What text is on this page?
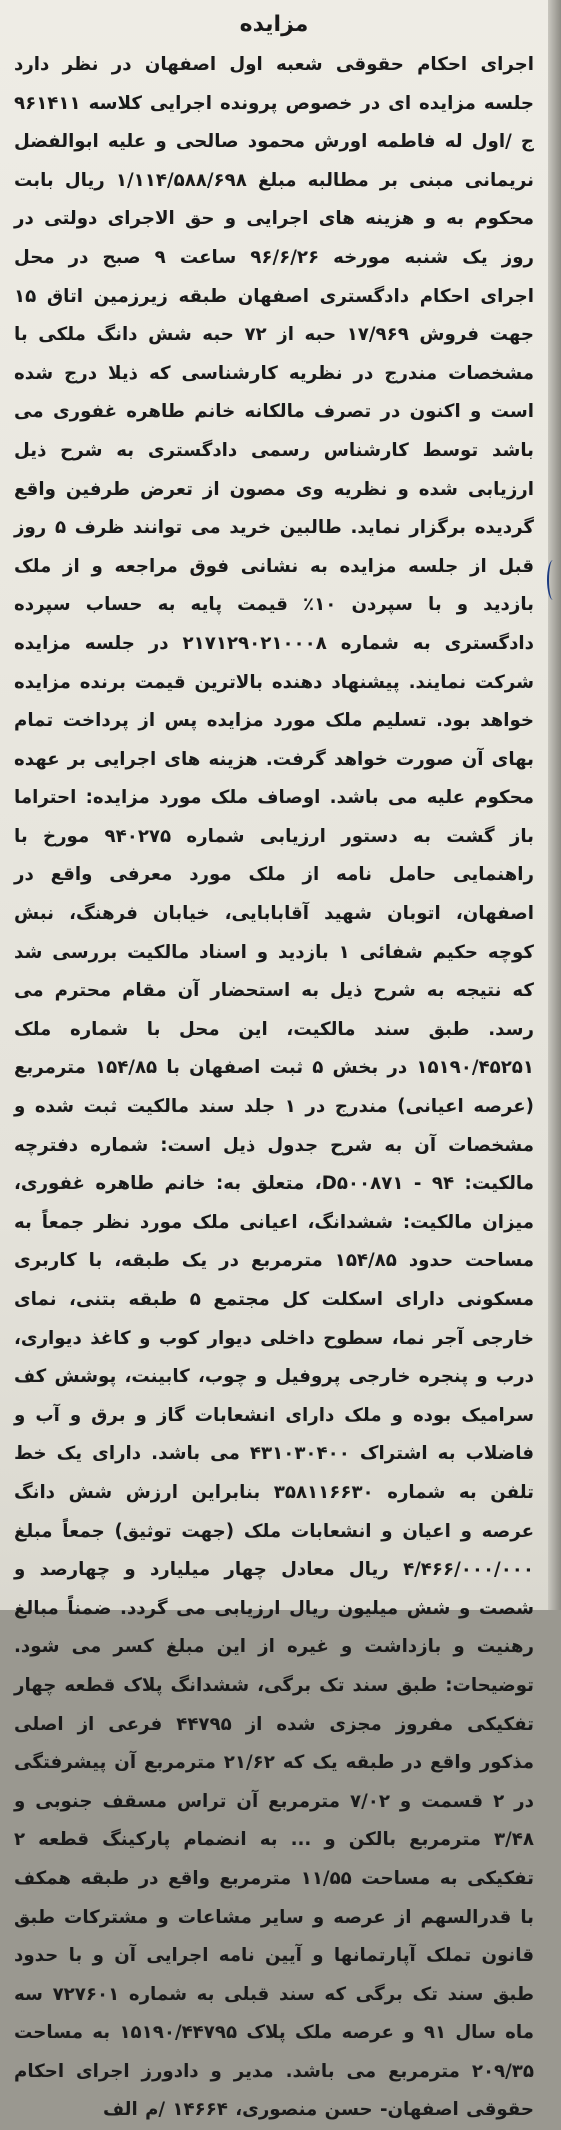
مزایده

اجرای احکام حقوقی شعبه اول اصفهان در نظر دارد جلسه مزایده ای در خصوص پرونده اجرایی کلاسه ۹۶۱۴۱۱ ج /اول له فاطمه اورش محمود صالحی و علیه ابوالفضل نریمانی مبنی بر مطالبه مبلغ ۱/۱۱۴/۵۸۸/۶۹۸ ریال بابت محکوم به و هزینه های اجرایی و حق الاجرای دولتی در روز یک شنبه مورخه ۹۶/۶/۲۶ ساعت ۹ صبح در محل اجرای احکام دادگستری اصفهان طبقه زیرزمین اتاق ۱۵ جهت فروش ۱۷/۹۶۹ حبه از ۷۲ حبه شش دانگ ملکی با مشخصات مندرج در نظریه کارشناسی که ذیلا درج شده است و اکنون در تصرف مالکانه خانم طاهره غفوری می باشد توسط کارشناس رسمی دادگستری به شرح ذیل ارزیابی شده و نظریه وی مصون از تعرض طرفین واقع گردیده برگزار نماید. طالبین خرید می توانند ظرف ۵ روز قبل از جلسه مزایده به نشانی فوق مراجعه و از ملک بازدید و با سپردن ۱۰٪ قیمت پایه به حساب سپرده دادگستری به شماره ۲۱۷۱۲۹۰۲۱۰۰۰۸ در جلسه مزایده شرکت نمایند. پیشنهاد دهنده بالاترین قیمت برنده مزایده خواهد بود. تسلیم ملک مورد مزایده پس از پرداخت تمام بهای آن صورت خواهد گرفت. هزینه های اجرایی بر عهده محکوم علیه می باشد. اوصاف ملک مورد مزایده: احتراما باز گشت به دستور ارزیابی شماره ۹۴۰۲۷۵ مورخ با راهنمایی حامل نامه از ملک مورد معرفی واقع در اصفهان، اتوبان شهید آقابابایی، خیابان فرهنگ، نبش کوچه حکیم شفائی ۱ بازدید و اسناد مالکیت بررسی شد که نتیجه به شرح ذیل به استحضار آن مقام محترم می رسد. طبق سند مالکیت، این محل با شماره ملک ۱۵۱۹۰/۴۵۲۵۱ در بخش ۵ ثبت اصفهان با ۱۵۴/۸۵ مترمربع (عرصه اعیانی) مندرج در ۱ جلد سند مالکیت ثبت شده و مشخصات آن به شرح جدول ذیل است: شماره دفترچه مالکیت: D۵۰۰۸۷۱ - ۹۴، متعلق به: خانم طاهره غفوری، میزان مالکیت: ششدانگ، اعیانی ملک مورد نظر جمعاً به مساحت حدود ۱۵۴/۸۵ مترمربع در یک طبقه، با کاربری مسکونی دارای اسکلت کل مجتمع ۵ طبقه بتنی، نمای خارجی آجر نما، سطوح داخلی دیوار کوب و کاغذ دیواری، درب و پنجره خارجی پروفیل و چوب، کابینت، پوشش کف سرامیک بوده و ملک دارای انشعابات گاز و برق و آب و فاضلاب به اشتراک ۴۳۱۰۳۰۴۰۰ می باشد. دارای یک خط تلفن به شماره ۳۵۸۱۱۶۶۳۰ بنابراین ارزش شش دانگ عرصه و اعیان و انشعابات ملک (جهت توثیق) جمعاً مبلغ ۴/۴۶۶/۰۰۰/۰۰۰ ریال معادل چهار میلیارد و چهارصد و شصت و شش میلیون ریال ارزیابی می گردد. ضمناً مبالغ رهنیت و بازداشت و غیره از این مبلغ کسر می شود. توضیحات: طبق سند تک برگی، ششدانگ پلاک قطعه چهار تفکیکی مفروز مجزی شده از ۴۴۷۹۵ فرعی از اصلی مذکور واقع در طبقه یک که ۲۱/۶۲ مترمربع آن پیشرفتگی در ۲ قسمت و ۷/۰۲ مترمربع آن تراس مسقف جنوبی و ۳/۴۸ مترمربع بالکن و ... به انضمام پارکینگ قطعه ۲ تفکیکی به مساحت ۱۱/۵۵ مترمربع واقع در طبقه همکف با قدرالسهم از عرصه و سایر مشاعات و مشترکات طبق قانون تملک آپارتمانها و آیین نامه اجرایی آن و با حدود طبق سند تک برگی که سند قبلی به شماره ۷۲۷۶۰۱ سه ماه سال ۹۱ و عرصه ملک پلاک ۱۵۱۹۰/۴۴۷۹۵ به مساحت ۲۰۹/۳۵ مترمربع می باشد. مدیر و دادورز اجرای احکام حقوقی اصفهان- حسن منصوری، ۱۴۶۶۴ /م الف
